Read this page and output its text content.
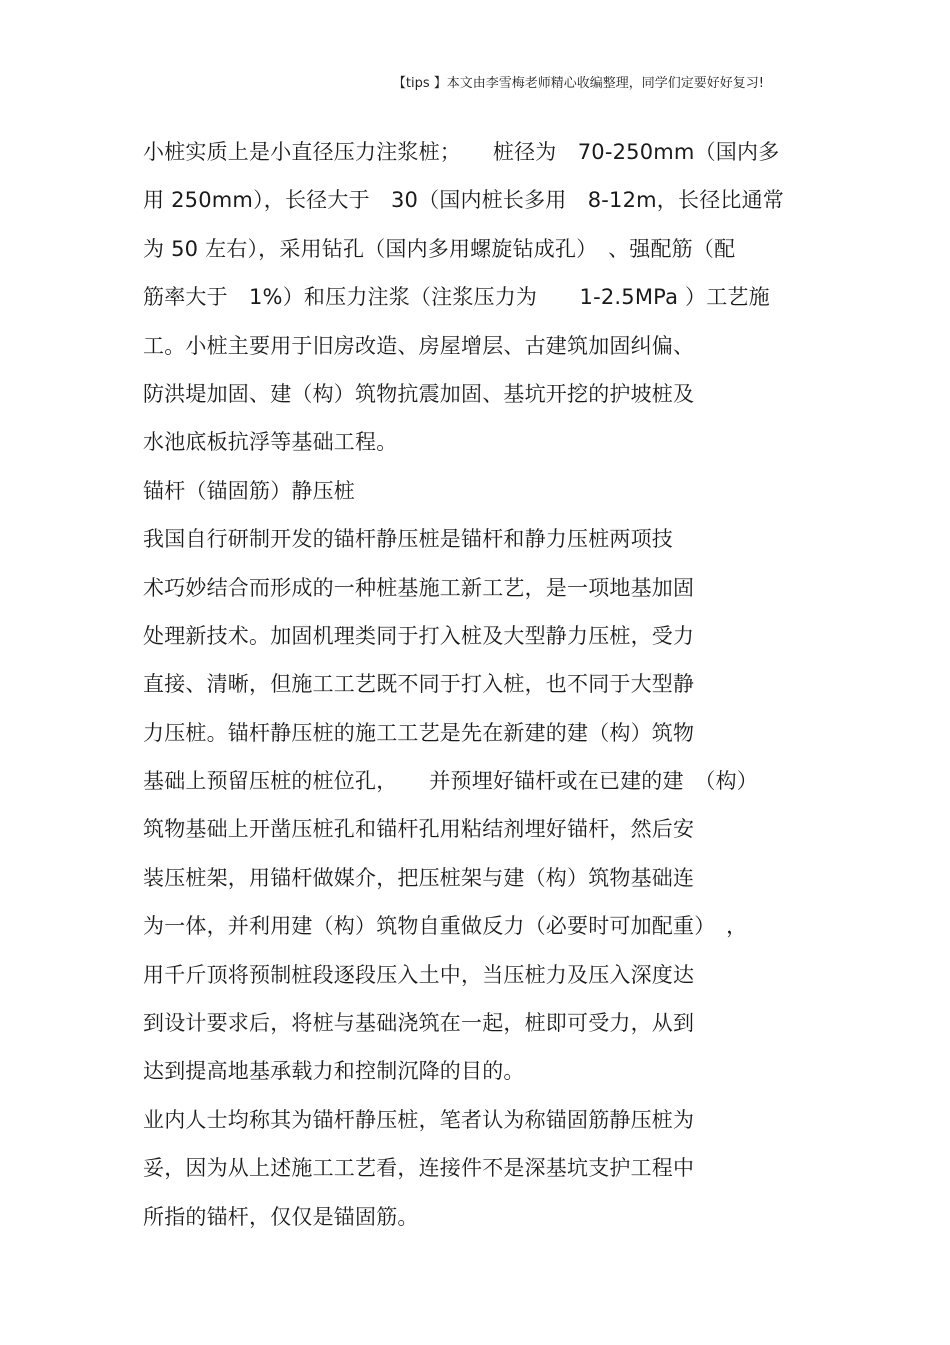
【tips 】本文由李雪梅老师精心收编整理，同学们定要好好复习!
小桩实质上是小直径压力注浆桩；　　桩径为　70-250mm（国内多
用 250mm），长径大于　30（国内桩长多用　8-12m，长径比通常
为 50 左右），采用钻孔（国内多用螺旋钻成孔）　、强配筋（配
筋率大于　1%）和压力注浆（注浆压力为　　1-2.5MPa ）工艺施
工。小桩主要用于旧房改造、房屋增层、古建筑加固纠偏、
防洪堤加固、建（构）筑物抗震加固、基坑开挖的护坡桩及
水池底板抗浮等基础工程。
锚杆（锚固筋）静压桩
我国自行研制开发的锚杆静压桩是锚杆和静力压桩两项技
术巧妙结合而形成的一种桩基施工新工艺，是一项地基加固
处理新技术。加固机理类同于打入桩及大型静力压桩，受力
直接、清晰，但施工工艺既不同于打入桩，也不同于大型静
力压桩。锚杆静压桩的施工工艺是先在新建的建（构）筑物
基础上预留压桩的桩位孔，　　并预埋好锚杆或在已建的建　（构）
筑物基础上开凿压桩孔和锚杆孔用粘结剂埋好锚杆，然后安
装压桩架，用锚杆做媒介，把压桩架与建（构）筑物基础连
为一体，并利用建（构）筑物自重做反力（必要时可加配重）　，
用千斤顶将预制桩段逐段压入土中，当压桩力及压入深度达
到设计要求后，将桩与基础浇筑在一起，桩即可受力，从到
达到提高地基承载力和控制沉降的目的。
业内人士均称其为锚杆静压桩，笔者认为称锚固筋静压桩为
妥，因为从上述施工工艺看，连接件不是深基坑支护工程中
所指的锚杆，仅仅是锚固筋。
